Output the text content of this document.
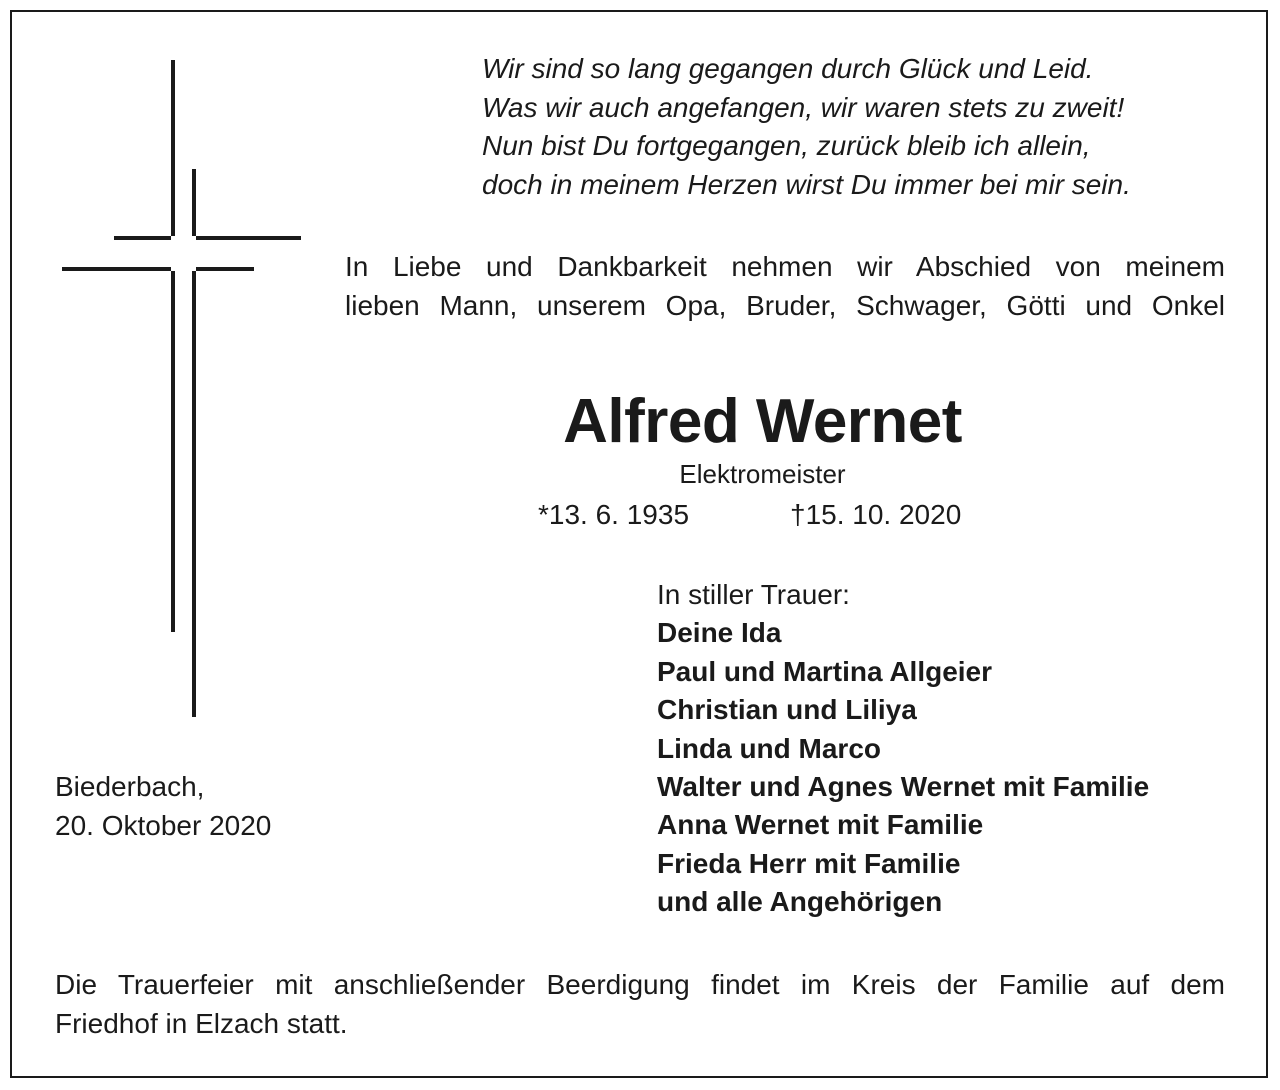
Wir sind so lang gegangen durch Glück und Leid.
Was wir auch angefangen, wir waren stets zu zweit!
Nun bist Du fortgegangen, zurück bleib ich allein,
doch in meinem Herzen wirst Du immer bei mir sein.
In Liebe und Dankbarkeit nehmen wir Abschied von meinem
lieben Mann, unserem Opa, Bruder, Schwager, Götti und Onkel
Alfred Wernet
Elektromeister
*13. 6. 1935	†15. 10. 2020
In stiller Trauer:
Deine Ida
Paul und Martina Allgeier
Christian und Liliya
Linda und Marco
Walter und Agnes Wernet mit Familie
Anna Wernet mit Familie
Frieda Herr mit Familie
und alle Angehörigen
Biederbach,
20. Oktober 2020
Die Trauerfeier mit anschließender Beerdigung findet im Kreis der Familie auf dem
Friedhof in Elzach statt.
